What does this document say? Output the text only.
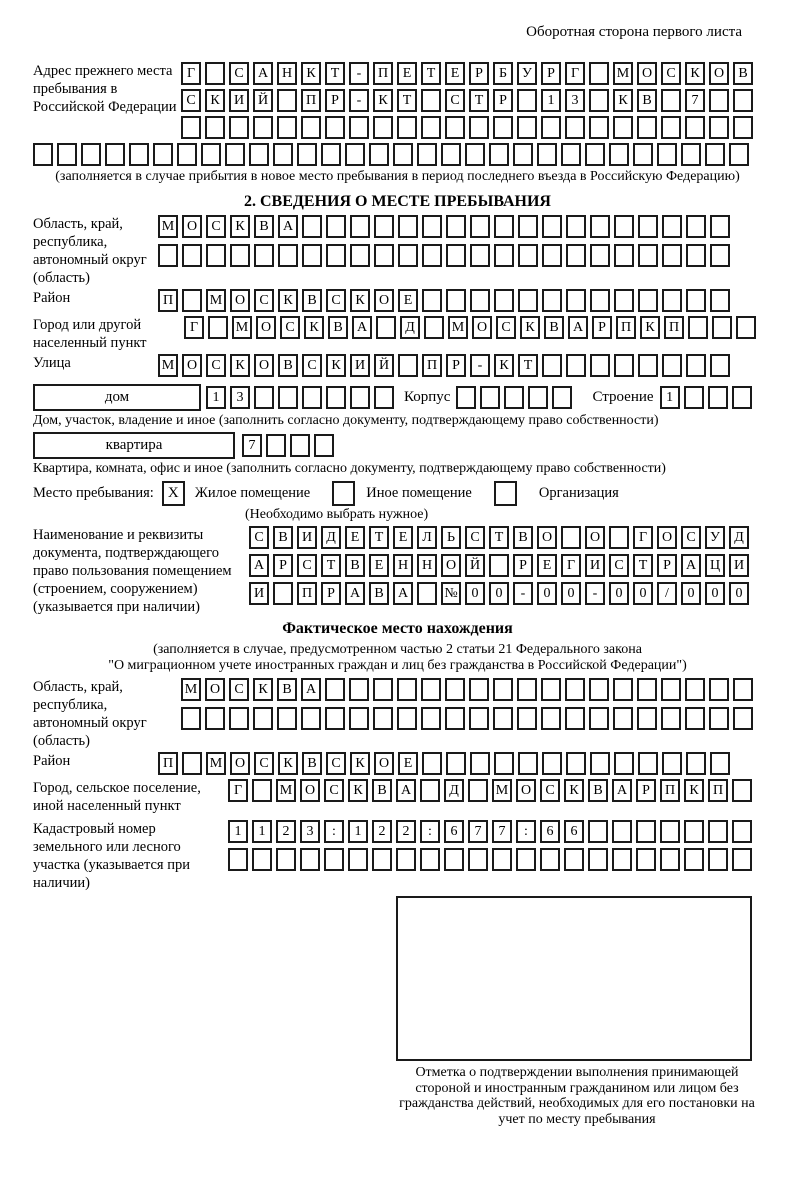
Оборотная сторона первого листа
Адрес прежнего места пребывания в Российской Федерации
Г	С	А Н	К	Т	-	П	Е	Т	Е	Р	Б	У	Р	Г	М О	С	К	О	В
С	К	И Й	П	Р	-	К	Т	С	Т	Р	1	3	К	В	7
(заполняется в случае прибытия в новое место пребывания в период последнего въезда в Российскую Федерацию)
2. СВЕДЕНИЯ О МЕСТЕ ПРЕБЫВАНИЯ
Область, край, республика, автономный округ (область)
М О	С	К	В	А
Район	П	М О	С	К	В	С	К	О	Е
Город или другой населенный пункт
Г	М О	С	К	В	А	Д	М О	С	К	В	А	Р	П	К	П
Улица	М О	С	К	О	В	С	К	И Й	П	Р	-	К	Т
дом	1	3	Корпус	Строение 1
Дом, участок, владение и иное (заполнить согласно документу, подтверждающему право собственности)
квартира	7
Квартира, комната, офис и иное (заполнить согласно документу, подтверждающему право собственности)
Место пребывания: X	Жилое помещение	Иное помещение	Организация
(Необходимо выбрать нужное)
Наименование и реквизиты документа, подтверждающего право пользования помещением (строением, сооружением) (указывается при наличии)
С	В	И	Д	Е	Т	Е	Л	Ь	С	Т	В	О	О	Г	О	С	У	Д
А	Р	С	Т	В	Е	Н Н О Й	Р	Е	Г	И	С	Т	Р	А Ц И
И	П	Р	А	В	А	№ 0	0	-	0	0	-	0	0	/	0	0	0
Фактическое место нахождения
(заполняется в случае, предусмотренном частью 2 статьи 21 Федерального закона
"О миграционном учете иностранных граждан и лиц без гражданства в Российской Федерации")
Область, край, республика, автономный округ (область)
М О	С	К	В	А
Район	П	М О	С	К	В	С	К	О	Е
Город, сельское поселение, иной населенный пункт
Г	М О	С	К	В	А	Д	М О	С	К	В	А	Р	П	К	П
Кадастровый номер земельного или лесного участка (указывается при наличии)
1	1	2	3	:	1	2	2	:	6	7	7	:	6	6
Отметка о подтверждении выполнения принимающей стороной и иностранным гражданином или лицом без гражданства действий, необходимых для его постановки на учет по месту пребывания
